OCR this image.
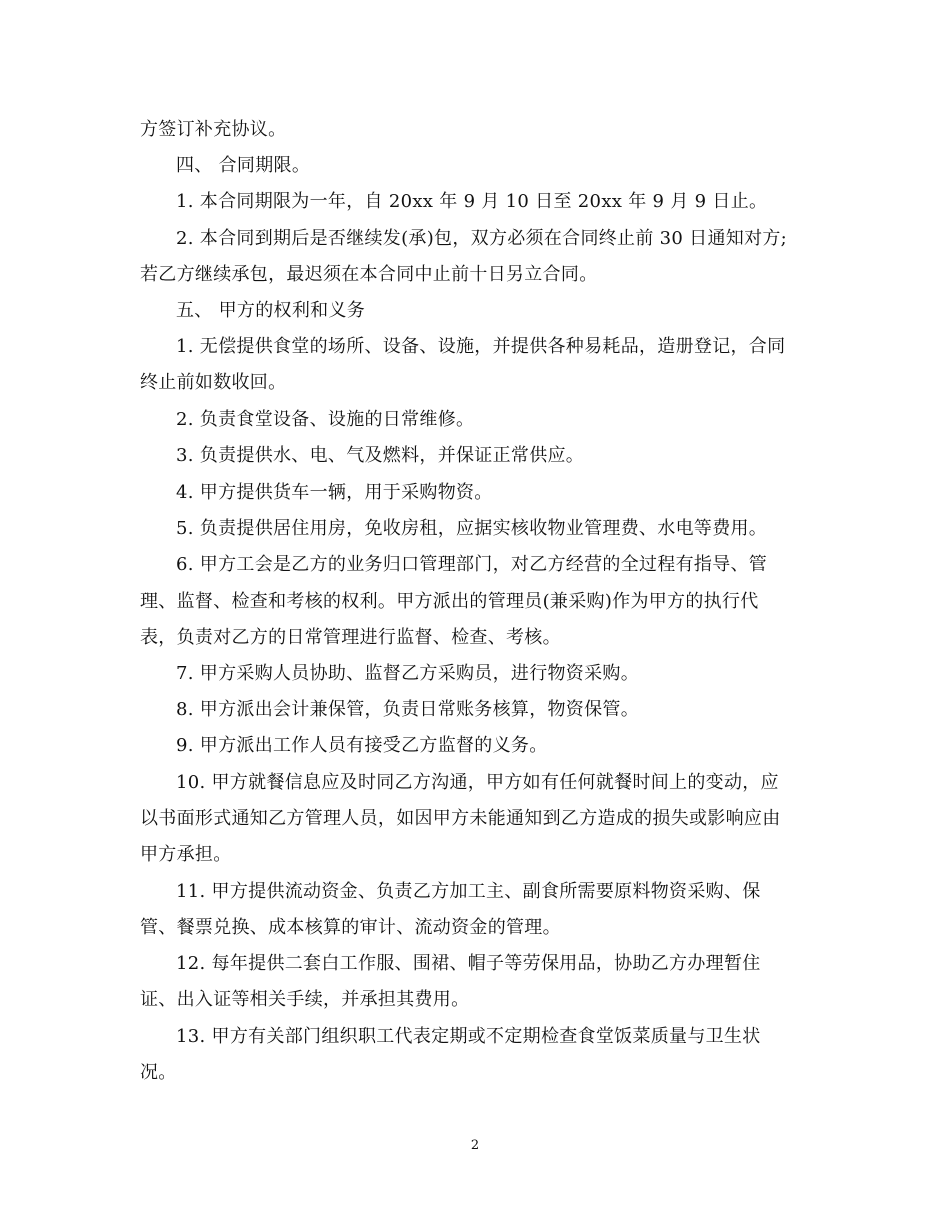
方签订补充协议。
四、 合同期限。
1. 本合同期限为一年，自 20xx 年 9 月 10 日至 20xx 年 9 月 9 日止。
2. 本合同到期后是否继续发(承)包，双方必须在合同终止前 30 日通知对方;
若乙方继续承包，最迟须在本合同中止前十日另立合同。
五、 甲方的权利和义务
1. 无偿提供食堂的场所、设备、设施，并提供各种易耗品，造册登记，合同
终止前如数收回。
2. 负责食堂设备、设施的日常维修。
3. 负责提供水、电、气及燃料，并保证正常供应。
4. 甲方提供货车一辆，用于采购物资。
5. 负责提供居住用房，免收房租，应据实核收物业管理费、水电等费用。
6. 甲方工会是乙方的业务归口管理部门，对乙方经营的全过程有指导、管
理、监督、检查和考核的权利。甲方派出的管理员(兼采购)作为甲方的执行代
表，负责对乙方的日常管理进行监督、检查、考核。
7. 甲方采购人员协助、监督乙方采购员，进行物资采购。
8. 甲方派出会计兼保管，负责日常账务核算，物资保管。
9. 甲方派出工作人员有接受乙方监督的义务。
10. 甲方就餐信息应及时同乙方沟通，甲方如有任何就餐时间上的变动，应
以书面形式通知乙方管理人员，如因甲方未能通知到乙方造成的损失或影响应由
甲方承担。
11. 甲方提供流动资金、负责乙方加工主、副食所需要原料物资采购、保
管、餐票兑换、成本核算的审计、流动资金的管理。
12. 每年提供二套白工作服、围裙、帽子等劳保用品，协助乙方办理暂住
证、出入证等相关手续，并承担其费用。
13. 甲方有关部门组织职工代表定期或不定期检查食堂饭菜质量与卫生状
况。
2
